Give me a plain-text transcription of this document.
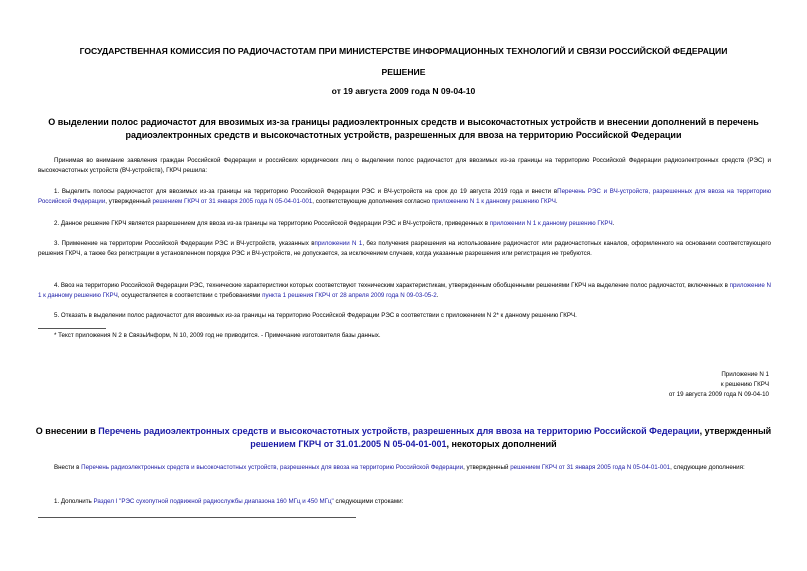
ГОСУДАРСТВЕННАЯ КОМИССИЯ ПО РАДИОЧАСТОТАМ ПРИ МИНИСТЕРСТВЕ ИНФОРМАЦИОННЫХ ТЕХНОЛОГИЙ И СВЯЗИ РОССИЙСКОЙ ФЕДЕРАЦИИ
РЕШЕНИЕ
от 19 августа 2009 года N 09-04-10
О выделении полос радиочастот для ввозимых из-за границы радиоэлектронных средств и высокочастотных устройств и внесении дополнений в перечень радиоэлектронных средств и высокочастотных устройств, разрешенных для ввоза на территорию Российской Федерации
Принимая во внимание заявления граждан Российской Федерации и российских юридических лиц о выделении полос радиочастот для ввозимых из-за границы на территорию Российской Федерации радиоэлектронных средств (РЭС) и высокочастотных устройств (ВЧ-устройств), ГКРЧ решила:
1. Выделить полосы радиочастот для ввозимых из-за границы на территорию Российской Федерации РЭС и ВЧ-устройств на срок до 19 августа 2019 года и внести вПеречень РЭС и ВЧ-устройств, разрешенных для ввоза на территорию Российской Федерации, утвержденный решением ГКРЧ от 31 января 2005 года N 05-04-01-001, соответствующие дополнения согласно приложению N 1 к данному решению ГКРЧ.
2. Данное решение ГКРЧ является разрешением для ввоза из-за границы на территорию Российской Федерации РЭС и ВЧ-устройств, приведенных в приложении N 1 к данному решению ГКРЧ.
3. Применение на территории Российской Федерации РЭС и ВЧ-устройств, указанных вприложении N 1, без получения разрешения на использование радиочастот или радиочастотных каналов, оформленного на основании соответствующего решения ГКРЧ, а также без регистрации в установленном порядке РЭС и ВЧ-устройств, не допускается, за исключением случаев, когда указанные разрешения или регистрация не требуются.
4. Ввоз на территорию Российской Федерации РЭС, технические характеристики которых соответствуют техническим характеристикам, утвержденным обобщенными решениями ГКРЧ на выделение полос радиочастот, включенных в приложение N 1 к данному решению ГКРЧ, осуществляется в соответствии с требованиями пункта 1 решения ГКРЧ от 28 апреля 2009 года N 09-03-05-2.
5. Отказать в выделении полос радиочастот для ввозимых из-за границы на территорию Российской Федерации РЭС в соответствии с приложением N 2* к данному решению ГКРЧ.
* Текст приложения N 2 в СвязьИнформ, N 10, 2009 год не приводится. - Примечание изготовителя базы данных.
Приложение N 1
к решению ГКРЧ
от 19 августа 2009 года N 09-04-10
О внесении в Перечень радиоэлектронных средств и высокочастотных устройств, разрешенных для ввоза на территорию Российской Федерации, утвержденный решением ГКРЧ от 31.01.2005 N 05-04-01-001, некоторых дополнений
Внести в Перечень радиоэлектронных средств и высокочастотных устройств, разрешенных для ввоза на территорию Российской Федерации, утвержденный решением ГКРЧ от 31 января 2005 года N 05-04-01-001, следующие дополнения:
1. Дополнить Раздел I "РЭС сухопутной подвижной радиослужбы диапазона 160 МГц и 450 МГц" следующими строками:
